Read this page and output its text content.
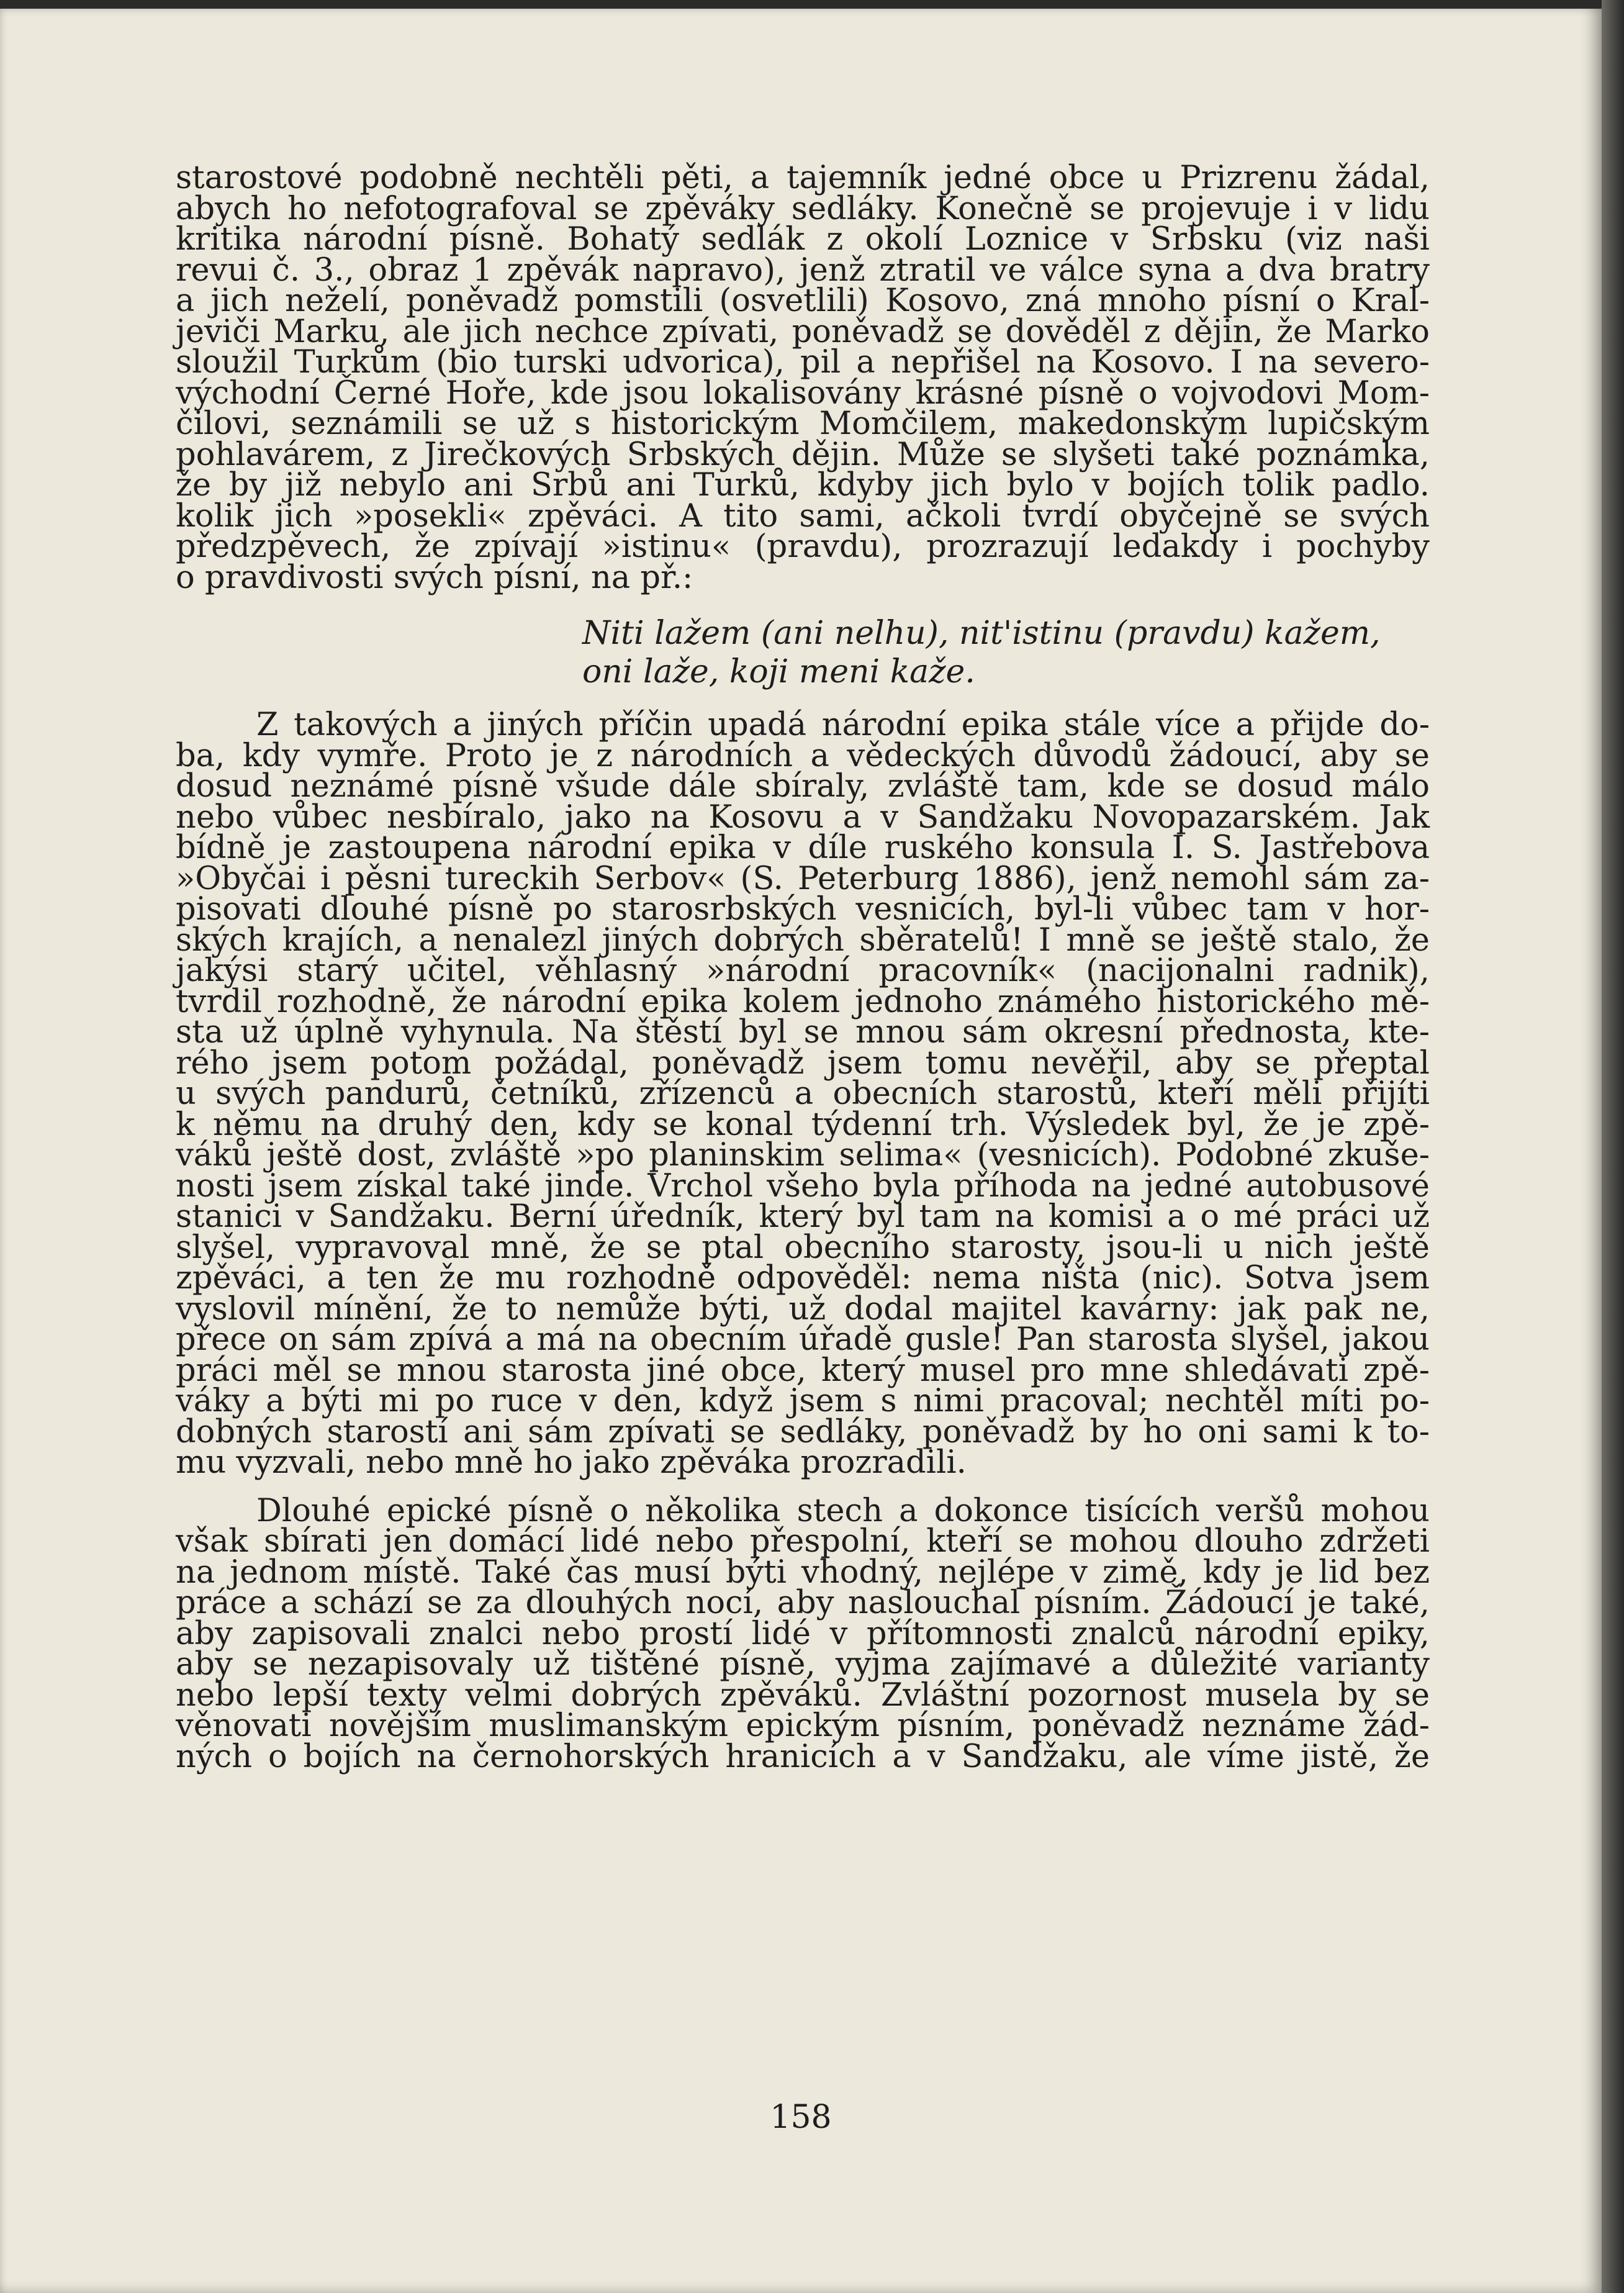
starostové podobně nechtěli pěti, a tajemník jedné obce u Prizrenu žádal,
abych ho nefotografoval se zpěváky sedláky. Konečně se projevuje i v lidu
kritika národní písně. Bohatý sedlák z okolí Loznice v Srbsku (viz naši
revui č. 3., obraz 1 zpěvák napravo), jenž ztratil ve válce syna a dva bratry
a jich neželí, poněvadž pomstili (osvetlili) Kosovo, zná mnoho písní o Kral-
jeviči Marku, ale jich nechce zpívati, poněvadž se dověděl z dějin, že Marko
sloužil Turkům (bio turski udvorica), pil a nepřišel na Kosovo. I na severo-
východní Černé Hoře, kde jsou lokalisovány krásné písně o vojvodovi Mom-
čilovi, seznámili se už s historickým Momčilem, makedonským lupičským
pohlavárem, z Jirečkových Srbských dějin. Může se slyšeti také poznámka,
že by již nebylo ani Srbů ani Turků, kdyby jich bylo v bojích tolik padlo.
kolik jich »posekli« zpěváci. A tito sami, ačkoli tvrdí obyčejně se svých
předzpěvech, že zpívají »istinu« (pravdu), prozrazují ledakdy i pochyby
o pravdivosti svých písní, na př.:
Niti lažem (ani nelhu), nit'istinu (pravdu) kažem,
oni laže, koji meni kaže.
Z takových a jiných příčin upadá národní epika stále více a přijde do-
ba, kdy vymře. Proto je z národních a vědeckých důvodů žádoucí, aby se
dosud neznámé písně všude dále sbíraly, zvláště tam, kde se dosud málo
nebo vůbec nesbíralo, jako na Kosovu a v Sandžaku Novopazarském. Jak
bídně je zastoupena národní epika v díle ruského konsula I. S. Jastřebova
»Obyčai i pěsni tureckih Serbov« (S. Peterburg 1886), jenž nemohl sám za-
pisovati dlouhé písně po starosrbských vesnicích, byl-li vůbec tam v hor-
ských krajích, a nenalezl jiných dobrých sběratelů! I mně se ještě stalo, že
jakýsi starý učitel, věhlasný »národní pracovník« (nacijonalni radnik),
tvrdil rozhodně, že národní epika kolem jednoho známého historického mě-
sta už úplně vyhynula. Na štěstí byl se mnou sám okresní přednosta, kte-
rého jsem potom požádal, poněvadž jsem tomu nevěřil, aby se přeptal
u svých pandurů, četníků, zřízenců a obecních starostů, kteří měli přijíti
k němu na druhý den, kdy se konal týdenní trh. Výsledek byl, že je zpě-
váků ještě dost, zvláště »po planinskim selima« (vesnicích). Podobné zkuše-
nosti jsem získal také jinde. Vrchol všeho byla příhoda na jedné autobusové
stanici v Sandžaku. Berní úředník, který byl tam na komisi a o mé práci už
slyšel, vypravoval mně, že se ptal obecního starosty, jsou-li u nich ještě
zpěváci, a ten že mu rozhodně odpověděl: nema ništa (nic). Sotva jsem
vyslovil mínění, že to nemůže býti, už dodal majitel kavárny: jak pak ne,
přece on sám zpívá a má na obecním úřadě gusle! Pan starosta slyšel, jakou
práci měl se mnou starosta jiné obce, který musel pro mne shledávati zpě-
váky a býti mi po ruce v den, když jsem s nimi pracoval; nechtěl míti po-
dobných starostí ani sám zpívati se sedláky, poněvadž by ho oni sami k to-
mu vyzvali, nebo mně ho jako zpěváka prozradili.
Dlouhé epické písně o několika stech a dokonce tisících veršů mohou
však sbírati jen domácí lidé nebo přespolní, kteří se mohou dlouho zdržeti
na jednom místě. Také čas musí býti vhodný, nejlépe v zimě, kdy je lid bez
práce a schází se za dlouhých nocí, aby naslouchal písním. Žádoucí je také,
aby zapisovali znalci nebo prostí lidé v přítomnosti znalců národní epiky,
aby se nezapisovaly už tištěné písně, vyjma zajímavé a důležité varianty
nebo lepší texty velmi dobrých zpěváků. Zvláštní pozornost musela by se
věnovati novějším muslimanským epickým písním, poněvadž neznáme žád-
ných o bojích na černohorských hranicích a v Sandžaku, ale víme jistě, že
158
